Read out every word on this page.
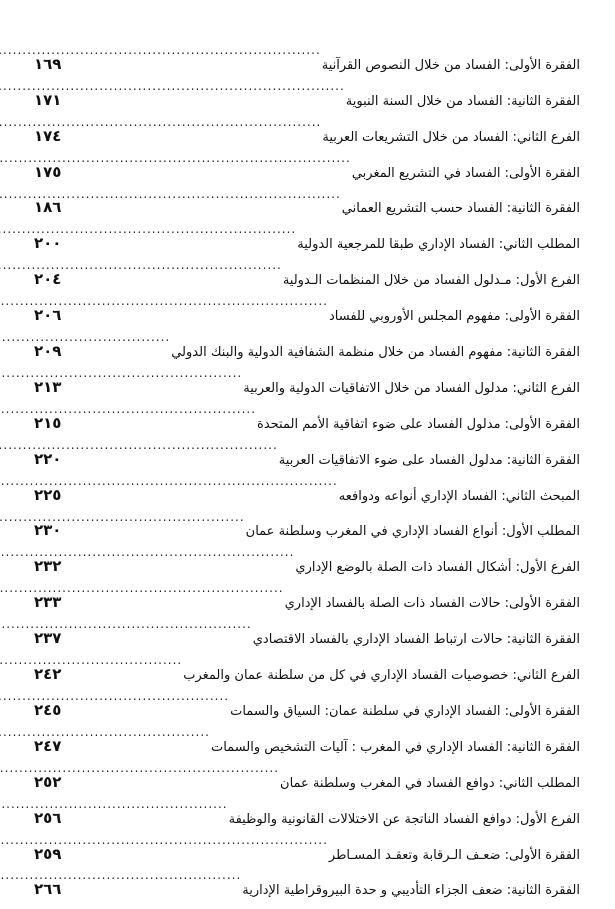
الفقرة الأولى: الفساد من خلال النصوص القرآنية
.....
١٦٩
الفقرة الثانية: الفساد من خلال السنة النبوية
.....
١٧١
الفرع الثاني: الفساد من خلال التشريعات العربية
.....
١٧٤
الفقرة الأولى: الفساد في التشريع المغربي
.....
١٧٥
الفقرة الثانية: الفساد حسب التشريع العماني
.....
١٨٦
المطلب الثاني: الفساد الإداري طبقا للمرجعية الدولية
.....
٢٠٠
الفرع الأول: مـدلول الفساد من خلال المنظمات الـدولية
.....
٢٠٤
الفقرة الأولى: مفهوم المجلس الأوروبي للفساد
.....
٢٠٦
الفقرة الثانية: مفهوم الفساد من خلال منظمة الشفافية الدولية والبنك الدولي
.....
٢٠٩
الفرع الثاني: مدلول الفساد من خلال الاتفاقيات الدولية والعربية
.....
٢١٣
الفقرة الأولى: مدلول الفساد على ضوء اتفاقية الأمم المتحدة
.....
٢١٥
الفقرة الثانية: مدلول الفساد على ضوء الاتفاقيات العربية
.....
٢٢٠
المبحث الثاني: الفساد الإداري أنواعه ودوافعه
.....
٢٢٥
المطلب الأول: أنواع الفساد الإداري في المغرب وسلطنة عمان
.....
٢٣٠
الفرع الأول: أشكال الفساد ذات الصلة بالوضع الإداري
.....
٢٣٢
الفقرة الأولى: حالات الفساد ذات الصلة بالفساد الإداري
.....
٢٣٣
الفقرة الثانية: حالات ارتباط الفساد الإداري بالفساد الاقتصادي
.....
٢٣٧
الفرع الثاني: خصوصيات الفساد الإداري في كل من سلطنة عمان والمغرب
.....
٢٤٢
الفقرة الأولى: الفساد الإداري في سلطنة عمان: السياق والسمات
.....
٢٤٥
الفقرة الثانية: الفساد الإداري في المغرب : آليات التشخيص والسمات
.....
٢٤٧
المطلب الثاني: دوافع الفساد في المغرب وسلطنة عمان
.....
٢٥٢
الفرع الأول: دوافع الفساد الناتجة عن الاختلالات القانونية والوظيفة
.....
٢٥٦
الفقرة الأولى: ضعـف الـرقابة وتعقـد المسـاطر
.....
٢٥٩
الفقرة الثانية: ضعف الجزاء التأديبي و حدة البيروقراطية الإدارية
.....
٢٦٦
